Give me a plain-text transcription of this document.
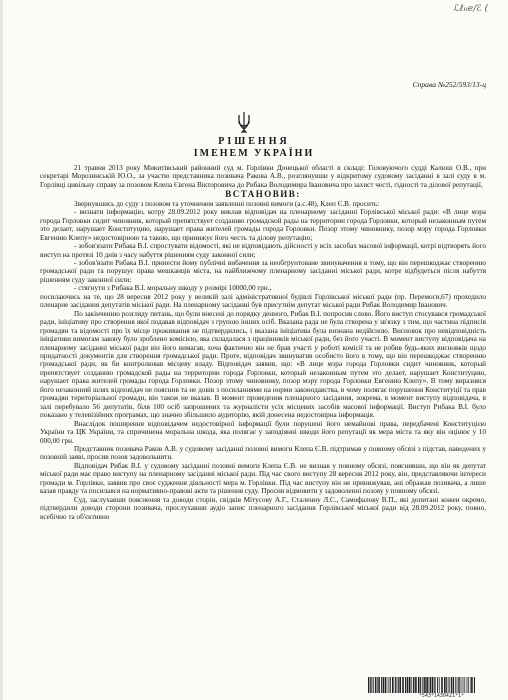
ℒℓℴℯ/ℰ (
Справа №252/593/13-ц
РІШЕННЯ
ІМЕНЕМ УКРАЇНИ

21 травня 2013 року Микитівський районний суд м. Горлівки Донецької області в складі: Головуючого судді Калюш О.В., при секретарі Морозинській Ю.О., за участю представника позивача Ракова А.В., розглянувши у відкритому судовому засіданні в залі суду в м. Горлівці цивільну справу за позовом Клепа Євгена Вікторовича до Рибака Володимира Івановича про захист честі, гідності та ділової репутації,

ВСТАНОВИВ:

Звернувшись до суду з позовом та уточненим заявленні позовні вимоги (а.с.48), Клеп Є.В. просить:

- визнати інформацію, котру 28.09.2012 року виклав відповідач на пленарному засіданні Горлівської міської ради: «В лице мэра города Горловки сидит чиновник, который препятствует созданию громадской рады на территории города Горловки, который незаконным путем это делает, нарушает Конституцию, нарушает права жителей громады города Горловки. Позор этому чиновнику, позор мэру города Горловки Евгению Клепу» недостовірною та такою, що принижує його честь та ділову репутацію;

- зобов'язати Рибака В.І. спростувати відомості, які не відповідають дійсності у всіх засобах масової інформації, котрі відтворять його виступ на протязі 10 днів з часу набуття рішенням суду законної сили;

- зобов'язати Рибака В.І. принести йому публічні вибачення за необгрунтоване звинувачення в тому, що він перешкоджає створенню громадської ради та порушує права мешканців міста, на найближчому пленарному засіданні міської ради, котре відбудеться після набуття рішенням суду законної сили;

- стягнути з Рибака В.І. моральну шкоду у розмірі 10000,00 грн.,

посилаючись на те, що 28 вересня 2012 року у великій залі адміністративної будівлі Горлівської міської ради (пр. Перемоги,67) проходило пленарне засідання депутатів міської ради. На пленарному засіданні був присутнім депутат міської ради Рибак Володимир Іванович.

По закінченню розгляду питань, що були внесені до порядку денного, Рибак В.І. попросив слово. Його виступ стосувався громадської ради, ініціативу про створення якої подавав відповідач з групою інших осіб. Вказана рада не була створена у зв'язку з тим, що частина підписів громадян та відомості про їх місце проживання не підтвердились, і вказана ініціатива була визнана недійсною. Висновок про невідповідність ініціативи вимогам закону було зроблено комісією, яка складалася з працівників міської ради, без його участі. В момент виступу відповідача на пленарному засіданні міської ради він його вимагав, хоча фактично він не брав участі у роботі комісії та не робив будь-яких висновків щодо придатності документів для створення громадської ради. Проте, відповідач звинуватив особисто його в тому, що він перешкоджає створенню громадської ради, як би контролював місцеву владу. Відповідач заявив, що: «В лице мэра города Горловки сидит чиновник, который препятствует созданию громадской рады на территории города Горловки, который незаконным путем это делает, нарушает Конституцию, нарушает права жителей громады города Горловки. Позор этому чиновнику, позор мэру города Горловки Евгению Клепу». В тому виразився його незаконний шлях відповідач не пояснив та не довів з посиланнями на норми законодавства, в чому полягає порушення Конституції та прав громадян територіальної громади, він також не вказав. В момент проведення пленарного засідання, зокрема, в момент виступу відповідача, в залі перебувало 56 депутатів, біля 100 осіб запрошених та журналісти усіх місцевих засобів масової інформації. Виступ Рибака В.І. було показано у телевізійних програмах, що значно збільшило аудиторію, якій донесена недостовірна інформація.

Внаслідок поширення відповідачем недостовірної інформації були порушені його немайнові права, передбачені Конституцією України та ЦК України, та спричинена моральна шкода, яка полягає у заподіянні шкоди його репутації як мера міста та яку він оцінює у 10 000,00 грн.

Представник позивача Раков А.В. у судовому засіданні позовні вимоги Клепа Є.В. підтримав у повному обсязі з підстав, наведених у позовній заяві, просив позов задовольнити.

Відповідач Рибак В.І. у судовому засіданні позовні вимоги Клепа Є.В. не визнав у повному обсязі, пояснивши, що він як депутат міської ради має право виступу на пленарному засіданні міської ради. Під час свого виступу 28 вересня 2012 року, він, представляючи інтереси громади м. Горлівки, заявив про своє судження діяльності мера м. Горлівки. Під час виступу він не принижував, ані ображав позивача, а лише казав правду та посилався на нормативно-правові акти та рішення суду. Просив відмовити у задоволенні позову у повному обсязі.

Суд, заслухавши пояснення та доводи сторін, свідків Мітусову А.Г., Сталенну Л.С., Самофалову В.П., які допитані кожен окремо, підтвердили доводи сторони позивача, прослухавши аудіо запис пленарного засідання Горлівської міської ради від 28.09.2012 року, повно, всебічно та об'єктивно

*543*1430421*1*
